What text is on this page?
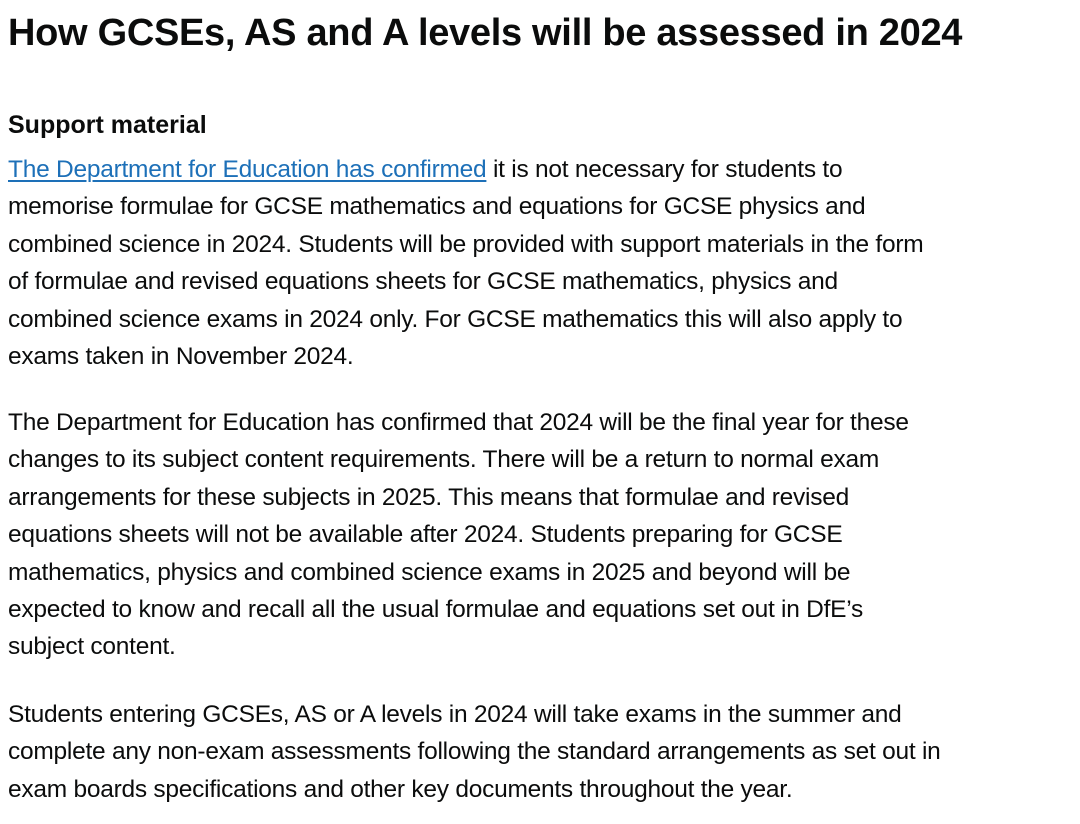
How GCSEs, AS and A levels will be assessed in 2024
Support material

The Department for Education has confirmed it is not necessary for students to
memorise formulae for GCSE mathematics and equations for GCSE physics and
combined science in 2024. Students will be provided with support materials in the form
of formulae and revised equations sheets for GCSE mathematics, physics and
combined science exams in 2024 only. For GCSE mathematics this will also apply to
exams taken in November 2024.

The Department for Education has confirmed that 2024 will be the final year for these
changes to its subject content requirements. There will be a return to normal exam
arrangements for these subjects in 2025. This means that formulae and revised
equations sheets will not be available after 2024. Students preparing for GCSE
mathematics, physics and combined science exams in 2025 and beyond will be
expected to know and recall all the usual formulae and equations set out in DfE’s
subject content.

Students entering GCSEs, AS or A levels in 2024 will take exams in the summer and
complete any non-exam assessments following the standard arrangements as set out in
exam boards specifications and other key documents throughout the year.
